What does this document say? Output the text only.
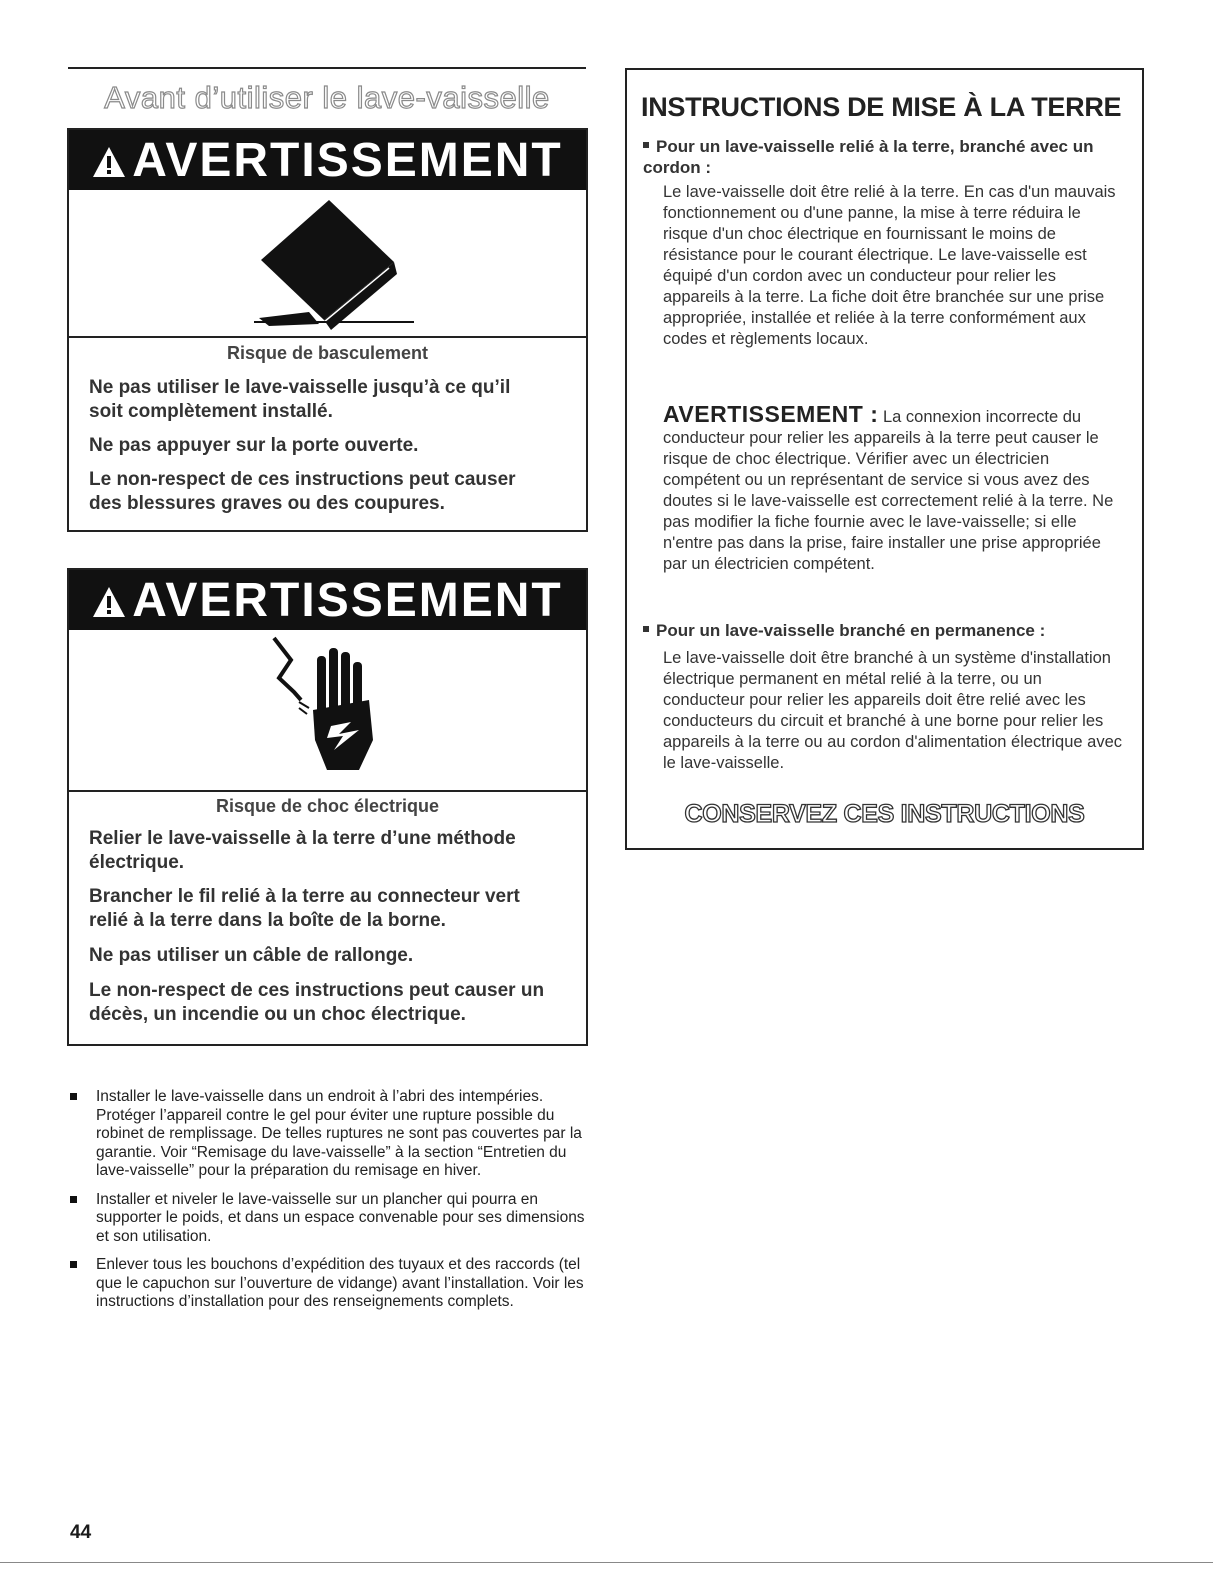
Avant d’utiliser le lave-vaisselle
AVERTISSEMENT
Risque de basculement
Ne pas utiliser le lave-vaisselle jusqu’à ce qu’il soit complètement installé.
Ne pas appuyer sur la porte ouverte.
Le non-respect de ces instructions peut causer des blessures graves ou des coupures.
AVERTISSEMENT
Risque de choc électrique
Relier le lave-vaisselle à la terre d’une méthode électrique.
Brancher le fil relié à la terre au connecteur vert relié à la terre dans la boîte de la borne.
Ne pas utiliser un câble de rallonge.
Le non-respect de ces instructions peut causer un décès, un incendie ou un choc électrique.
Installer le lave-vaisselle dans un endroit à l’abri des intempéries. Protéger l’appareil contre le gel pour éviter une rupture possible du robinet de remplissage. De telles ruptures ne sont pas couvertes par la garantie. Voir “Remisage du lave-vaisselle” à la section “Entretien du lave-vaisselle” pour la préparation du remisage en hiver.
Installer et niveler le lave-vaisselle sur un plancher qui pourra en supporter le poids, et dans un espace convenable pour ses dimensions et son utilisation.
Enlever tous les bouchons d’expédition des tuyaux et des raccords (tel que le capuchon sur l’ouverture de vidange) avant l’installation. Voir les instructions d’installation pour des renseignements complets.
44
INSTRUCTIONS DE MISE À LA TERRE
Pour un lave-vaisselle relié à la terre, branché avec un cordon :
Le lave-vaisselle doit être relié à la terre. En cas d'un mauvais fonctionnement ou d'une panne, la mise à terre réduira le risque d'un choc électrique en fournissant le moins de résistance pour le courant électrique. Le lave-vaisselle est équipé d'un cordon avec un conducteur pour relier les appareils à la terre. La fiche doit être branchée sur une prise appropriée, installée et reliée à la terre conformément aux codes et règlements locaux.
AVERTISSEMENT : La connexion incorrecte du conducteur pour relier les appareils à la terre peut causer le risque de choc électrique. Vérifier avec un électricien compétent ou un représentant de service si vous avez des doutes si le lave-vaisselle est correctement relié à la terre. Ne pas modifier la fiche fournie avec le lave-vaisselle; si elle n'entre pas dans la prise, faire installer une prise appropriée par un électricien compétent.
Pour un lave-vaisselle branché en permanence :
Le lave-vaisselle doit être branché à un système d'installation électrique permanent en métal relié à la terre, ou un conducteur pour relier les appareils doit être relié avec les conducteurs du circuit et branché à une borne pour relier les appareils à la terre ou au cordon d'alimentation électrique avec le lave-vaisselle.
CONSERVEZ CES INSTRUCTIONS
